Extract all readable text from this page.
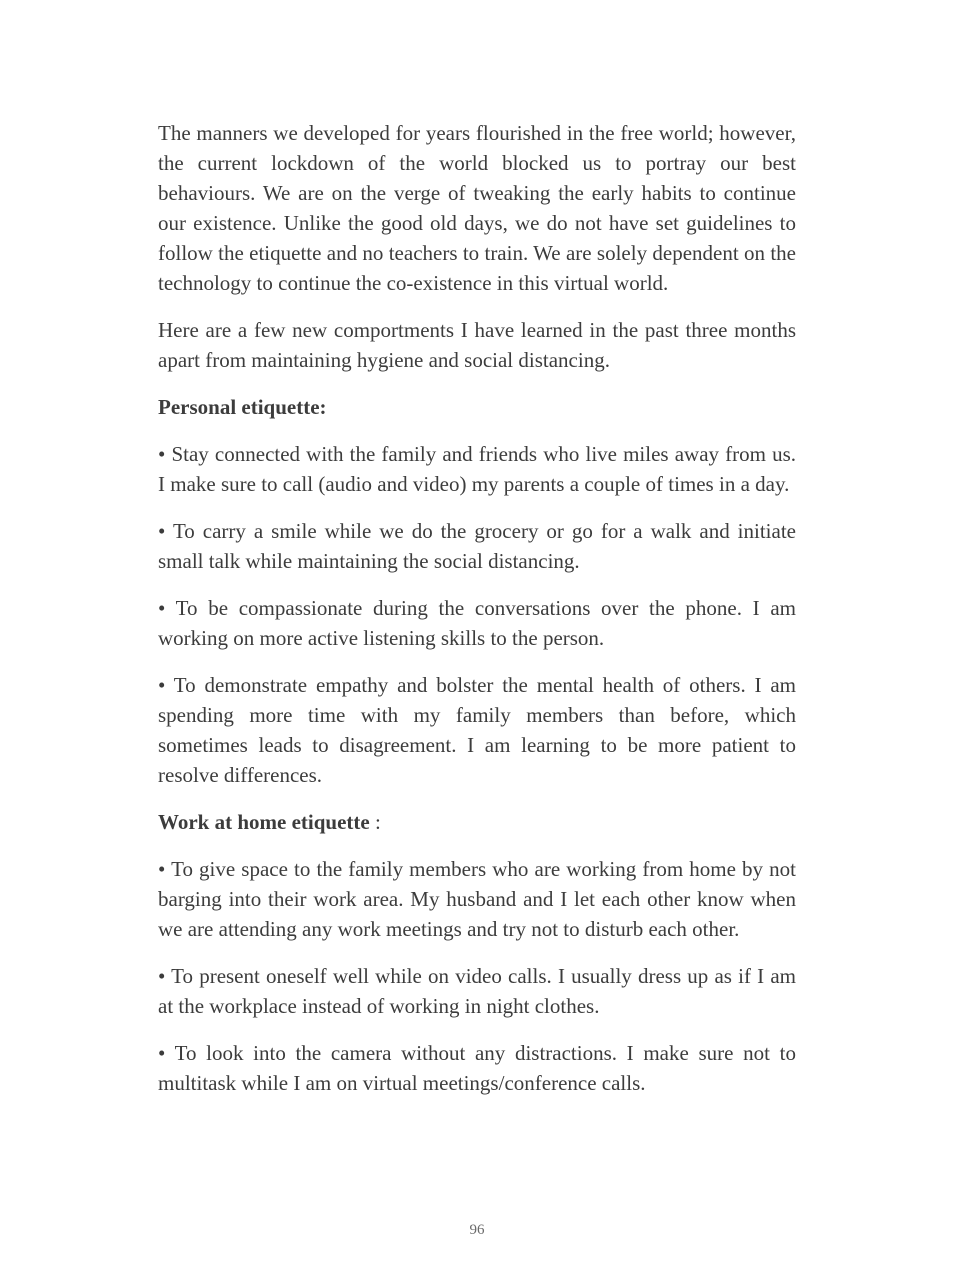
The manners we developed for years flourished in the free world; however, the current lockdown of the world blocked us to portray our best behaviours. We are on the verge of tweaking the early habits to continue our existence. Unlike the good old days, we do not have set guidelines to follow the etiquette and no teachers to train. We are solely dependent on the technology to continue the co-existence in this virtual world.

Here are a few new comportments I have learned in the past three months apart from maintaining hygiene and social distancing.

Personal etiquette:

• Stay connected with the family and friends who live miles away from us. I make sure to call (audio and video) my parents a couple of times in a day.

• To carry a smile while we do the grocery or go for a walk and initiate small talk while maintaining the social distancing.

• To be compassionate during the conversations over the phone. I am working on more active listening skills to the person.

• To demonstrate empathy and bolster the mental health of others. I am spending more time with my family members than before, which sometimes leads to disagreement. I am learning to be more patient to resolve differences.

Work at home etiquette :

• To give space to the family members who are working from home by not barging into their work area. My husband and I let each other know when we are attending any work meetings and try not to disturb each other.

• To present oneself well while on video calls. I usually dress up as if I am at the workplace instead of working in night clothes.

• To look into the camera without any distractions. I make sure not to multitask while I am on virtual meetings/conference calls.

96
